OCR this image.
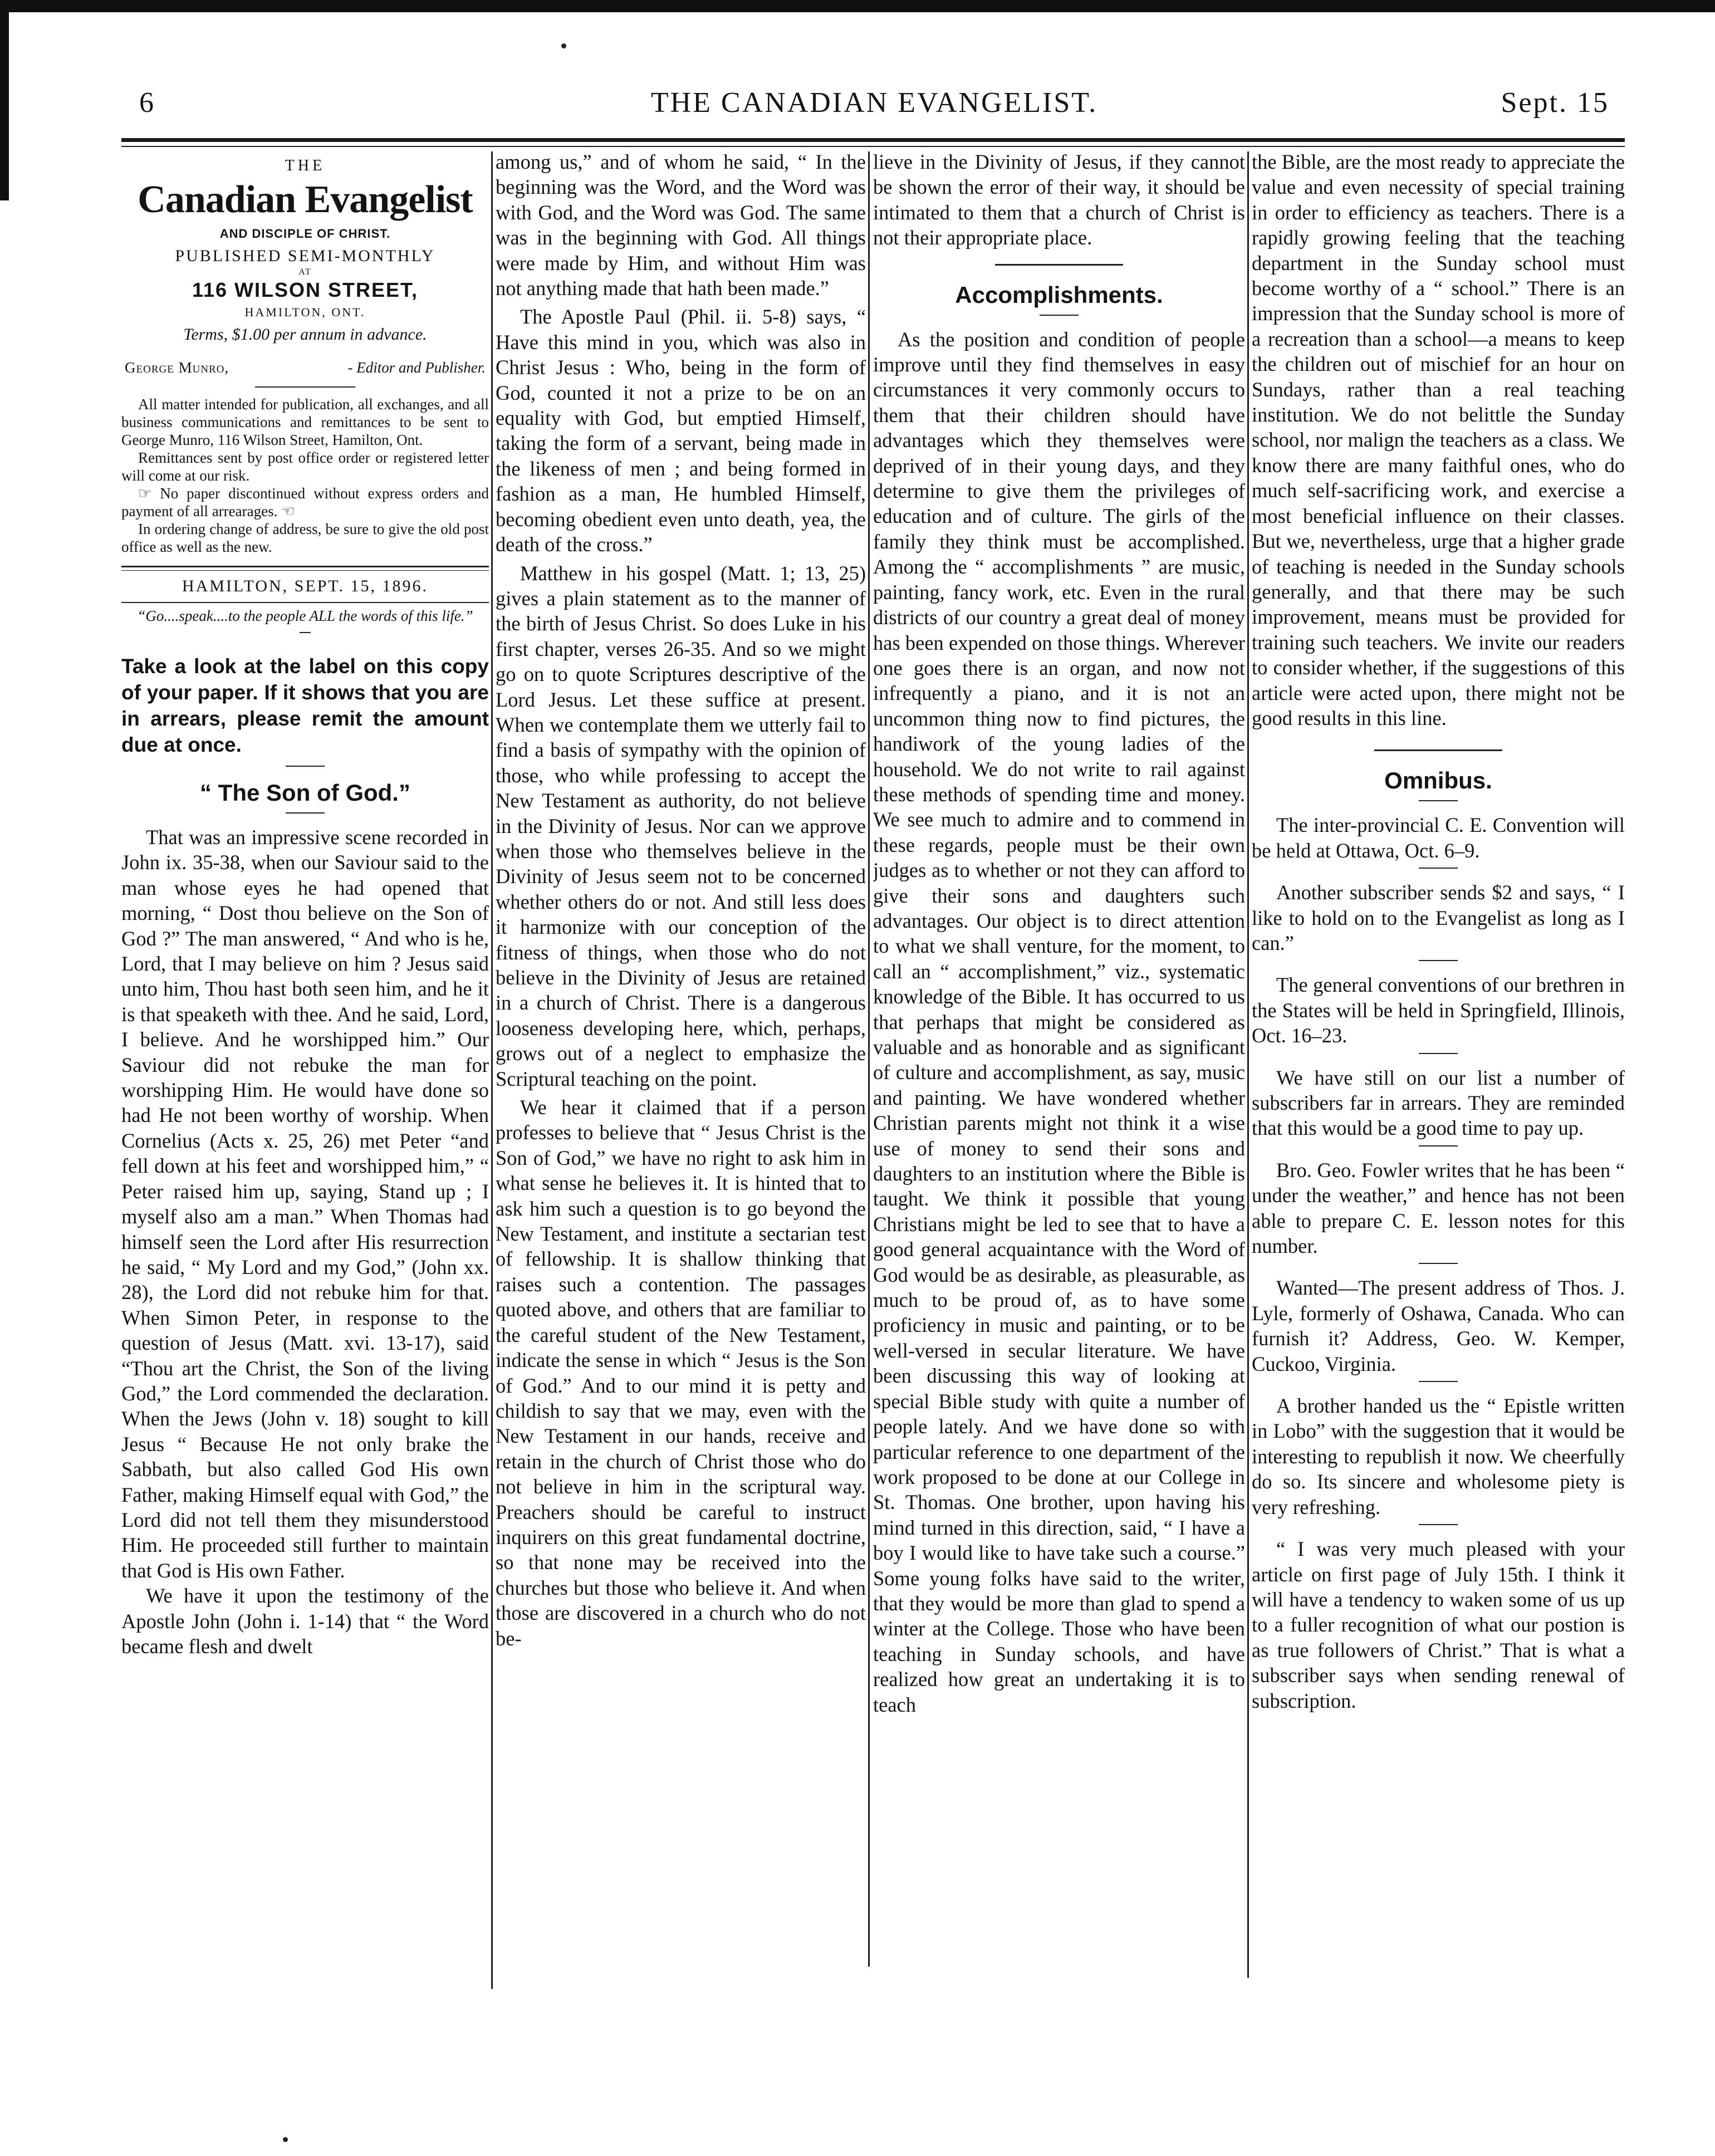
THE CANADIAN EVANGELIST.
6	Sept. 15
THE
Canadian Evangelist
AND DISCIPLE OF CHRIST.
PUBLISHED SEMI-MONTHLY
AT
116 WILSON STREET,
HAMILTON, ONT.
Terms, $1.00 per annum in advance.
George Munro,	- Editor and Publisher.

All matter intended for publication, all exchanges, and all business communications and remittances to be sent to George Munro, 116 Wilson Street, Hamilton, Ont.

Remittances sent by post office order or registered letter will come at our risk.

☞ No paper discontinued without express orders and payment of all arrearages. ☜

In ordering change of address, be sure to give the old post office as well as the new.

HAMILTON, SEPT. 15, 1896.
“Go....speak....to the people ALL the words of this life.”

Take a look at the label on this copy of your paper. If it shows that you are in arrears, please remit the amount due at once.

“ The Son of God.”

That was an impressive scene recorded in John ix. 35-38, when our Saviour said to the man whose eyes he had opened that morning, “ Dost thou believe on the Son of God ?” The man answered, “ And who is he, Lord, that I may believe on him ? Jesus said unto him, Thou hast both seen him, and he it is that speaketh with thee. And he said, Lord, I believe. And he worshipped him.” Our Saviour did not rebuke the man for worshipping Him. He would have done so had He not been worthy of worship. When Cornelius (Acts x. 25, 26) met Peter “and fell down at his feet and worshipped him,” “ Peter raised him up, saying, Stand up ; I myself also am a man.” When Thomas had himself seen the Lord after His resurrection he said, “ My Lord and my God,” (John xx. 28), the Lord did not rebuke him for that. When Simon Peter, in response to the question of Jesus (Matt. xvi. 13-17), said “Thou art the Christ, the Son of the living God,” the Lord commended the declaration. When the Jews (John v. 18) sought to kill Jesus “ Because He not only brake the Sabbath, but also called God His own Father, making Himself equal with God,” the Lord did not tell them they misunderstood Him. He proceeded still further to maintain that God is His own Father.

We have it upon the testimony of the Apostle John (John i. 1-14) that “ the Word became flesh and dwelt

among us,” and of whom he said, “ In the beginning was the Word, and the Word was with God, and the Word was God. The same was in the beginning with God. All things were made by Him, and without Him was not anything made that hath been made.”

The Apostle Paul (Phil. ii. 5-8) says, “ Have this mind in you, which was also in Christ Jesus : Who, being in the form of God, counted it not a prize to be on an equality with God, but emptied Himself, taking the form of a servant, being made in the likeness of men ; and being formed in fashion as a man, He humbled Himself, becoming obedient even unto death, yea, the death of the cross.”

Matthew in his gospel (Matt. 1; 13, 25) gives a plain statement as to the manner of the birth of Jesus Christ. So does Luke in his first chapter, verses 26-35. And so we might go on to quote Scriptures descriptive of the Lord Jesus. Let these suffice at present. When we contemplate them we utterly fail to find a basis of sympathy with the opinion of those, who while professing to accept the New Testament as authority, do not believe in the Divinity of Jesus. Nor can we approve when those who themselves believe in the Divinity of Jesus seem not to be concerned whether others do or not. And still less does it harmonize with our conception of the fitness of things, when those who do not believe in the Divinity of Jesus are retained in a church of Christ. There is a dangerous looseness developing here, which, perhaps, grows out of a neglect to emphasize the Scriptural teaching on the point.

We hear it claimed that if a person professes to believe that “ Jesus Christ is the Son of God,” we have no right to ask him in what sense he believes it. It is hinted that to ask him such a question is to go beyond the New Testament, and institute a sectarian test of fellowship. It is shallow thinking that raises such a contention. The passages quoted above, and others that are familiar to the careful student of the New Testament, indicate the sense in which “ Jesus is the Son of God.” And to our mind it is petty and childish to say that we may, even with the New Testament in our hands, receive and retain in the church of Christ those who do not believe in him in the scriptural way. Preachers should be careful to instruct inquirers on this great fundamental doctrine, so that none may be received into the churches but those who believe it. And when those are discovered in a church who do not be-

lieve in the Divinity of Jesus, if they cannot be shown the error of their way, it should be intimated to them that a church of Christ is not their appropriate place.

Accomplishments.

As the position and condition of people improve until they find themselves in easy circumstances it very commonly occurs to them that their children should have advantages which they themselves were deprived of in their young days, and they determine to give them the privileges of education and of culture. The girls of the family they think must be accomplished. Among the “ accomplishments ” are music, painting, fancy work, etc. Even in the rural districts of our country a great deal of money has been expended on those things. Wherever one goes there is an organ, and now not infrequently a piano, and it is not an uncommon thing now to find pictures, the handiwork of the young ladies of the household. We do not write to rail against these methods of spending time and money. We see much to admire and to commend in these regards, people must be their own judges as to whether or not they can afford to give their sons and daughters such advantages. Our object is to direct attention to what we shall venture, for the moment, to call an “ accomplishment,” viz., systematic knowledge of the Bible. It has occurred to us that perhaps that might be considered as valuable and as honorable and as significant of culture and accomplishment, as say, music and painting. We have wondered whether Christian parents might not think it a wise use of money to send their sons and daughters to an institution where the Bible is taught. We think it possible that young Christians might be led to see that to have a good general acquaintance with the Word of God would be as desirable, as pleasurable, as much to be proud of, as to have some proficiency in music and painting, or to be well-versed in secular literature. We have been discussing this way of looking at special Bible study with quite a number of people lately. And we have done so with particular reference to one department of the work proposed to be done at our College in St. Thomas. One brother, upon having his mind turned in this direction, said, “ I have a boy I would like to have take such a course.” Some young folks have said to the writer, that they would be more than glad to spend a winter at the College. Those who have been teaching in Sunday schools, and have realized how great an undertaking it is to teach

the Bible, are the most ready to appreciate the value and even necessity of special training in order to efficiency as teachers. There is a rapidly growing feeling that the teaching department in the Sunday school must become worthy of a “ school.” There is an impression that the Sunday school is more of a recreation than a school—a means to keep the children out of mischief for an hour on Sundays, rather than a real teaching institution. We do not belittle the Sunday school, nor malign the teachers as a class. We know there are many faithful ones, who do much self-sacrificing work, and exercise a most beneficial influence on their classes. But we, nevertheless, urge that a higher grade of teaching is needed in the Sunday schools generally, and that there may be such improvement, means must be provided for training such teachers. We invite our readers to consider whether, if the suggestions of this article were acted upon, there might not be good results in this line.

Omnibus.

The inter-provincial C. E. Convention will be held at Ottawa, Oct. 6–9.

Another subscriber sends $2 and says, “ I like to hold on to the Evangelist as long as I can.”

The general conventions of our brethren in the States will be held in Springfield, Illinois, Oct. 16–23.

We have still on our list a number of subscribers far in arrears. They are reminded that this would be a good time to pay up.

Bro. Geo. Fowler writes that he has been “ under the weather,” and hence has not been able to prepare C. E. lesson notes for this number.

Wanted—The present address of Thos. J. Lyle, formerly of Oshawa, Canada. Who can furnish it? Address, Geo. W. Kemper, Cuckoo, Virginia.

A brother handed us the “ Epistle written in Lobo” with the suggestion that it would be interesting to republish it now. We cheerfully do so. Its sincere and wholesome piety is very refreshing.

“ I was very much pleased with your article on first page of July 15th. I think it will have a tendency to waken some of us up to a fuller recognition of what our postion is as true followers of Christ.” That is what a subscriber says when sending renewal of subscription.
